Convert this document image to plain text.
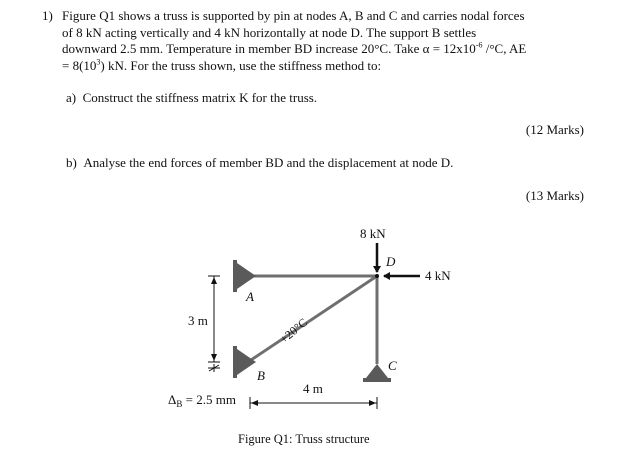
1) Figure Q1 shows a truss is supported by pin at nodes A, B and C and carries nodal forces
of 8 kN acting vertically and 4 kN horizontally at node D. The support B settles
downward 2.5 mm. Temperature in member BD increase 20°C. Take $\alpha = 12x10^{-6}$ /°C, AE
= $8(10^3)$ kN. For the truss shown, use the stiffness method to:
a) Construct the stiffness matrix K for the truss.
(12 Marks)
b) Analyse the end forces of member BD and the displacement at node D.
(13 Marks)
8 kN
4 kN
D
A
B
C
3 m
4 m
+20°C
$\Delta_B = 2.5$ mm
Figure Q1: Truss structure
